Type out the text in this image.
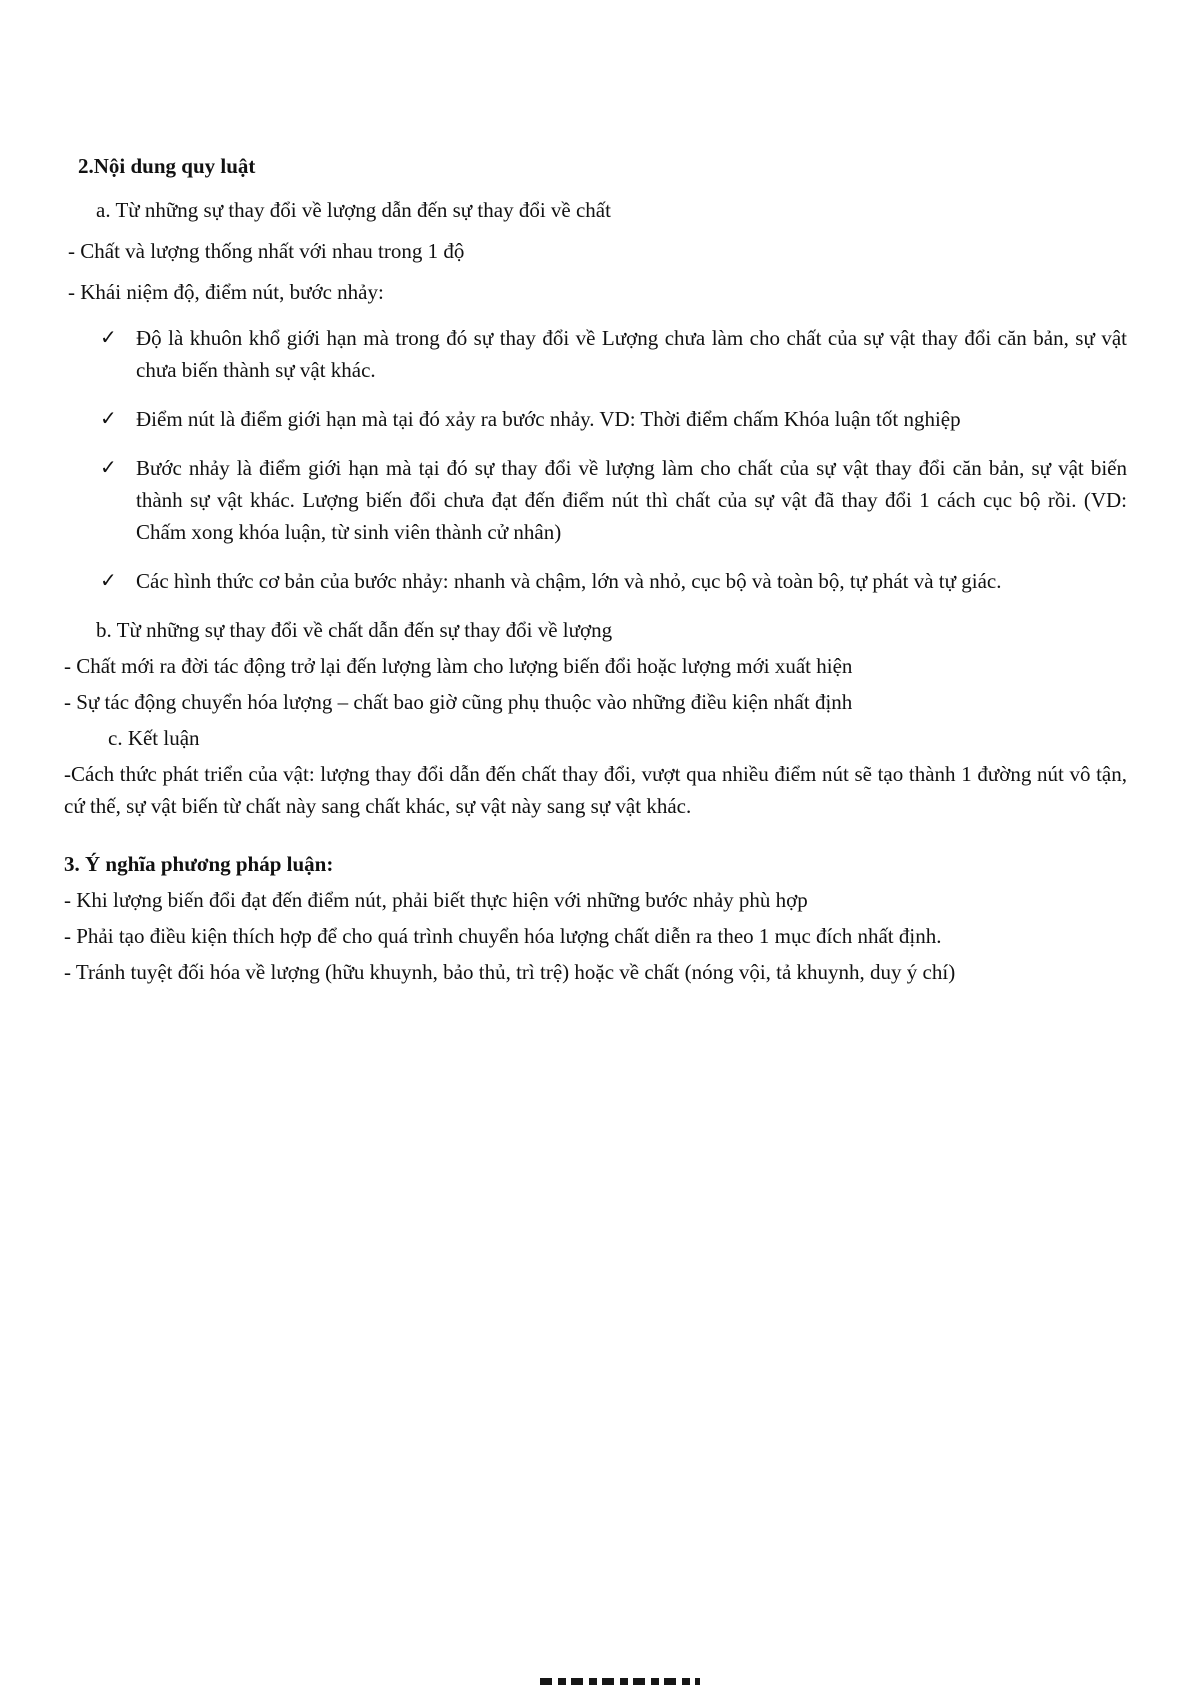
2.Nội dung quy luật
a. Từ những sự thay đổi về lượng dẫn đến sự thay đổi về chất
- Chất và lượng thống nhất với nhau trong 1 độ
- Khái niệm độ, điểm nút, bước nhảy:
✓ Độ là khuôn khổ giới hạn mà trong đó sự thay đổi về Lượng chưa làm cho chất của sự vật thay đổi căn bản, sự vật chưa biến thành sự vật khác.
✓ Điểm nút là điểm giới hạn mà tại đó xảy ra bước nhảy. VD: Thời điểm chấm Khóa luận tốt nghiệp
✓ Bước nhảy là điểm giới hạn mà tại đó sự thay đổi về lượng làm cho chất của sự vật thay đổi căn bản, sự vật biến thành sự vật khác. Lượng biến đổi chưa đạt đến điểm nút thì chất của sự vật đã thay đổi 1 cách cục bộ rồi. (VD: Chấm xong khóa luận, từ sinh viên thành cử nhân)
✓ Các hình thức cơ bản của bước nhảy: nhanh và chậm, lớn và nhỏ, cục bộ và toàn bộ, tự phát và tự giác.
b. Từ những sự thay đổi về chất dẫn đến sự thay đổi về lượng
- Chất mới ra đời tác động trở lại đến lượng làm cho lượng biến đổi hoặc lượng mới xuất hiện
- Sự tác động chuyển hóa lượng – chất bao giờ cũng phụ thuộc vào những điều kiện nhất định
c. Kết luận
-Cách thức phát triển của vật: lượng thay đổi dẫn đến chất thay đổi, vượt qua nhiều điểm nút sẽ tạo thành 1 đường nút vô tận, cứ thế, sự vật biến từ chất này sang chất khác, sự vật này sang sự vật khác.
3. Ý nghĩa phương pháp luận:
- Khi lượng biến đổi đạt đến điểm nút, phải biết thực hiện với những bước nhảy phù hợp
- Phải tạo điều kiện thích hợp để cho quá trình chuyển hóa lượng chất diễn ra theo 1 mục đích nhất định.
- Tránh tuyệt đối hóa về lượng (hữu khuynh, bảo thủ, trì trệ) hoặc về chất (nóng vội, tả khuynh, duy ý chí)
